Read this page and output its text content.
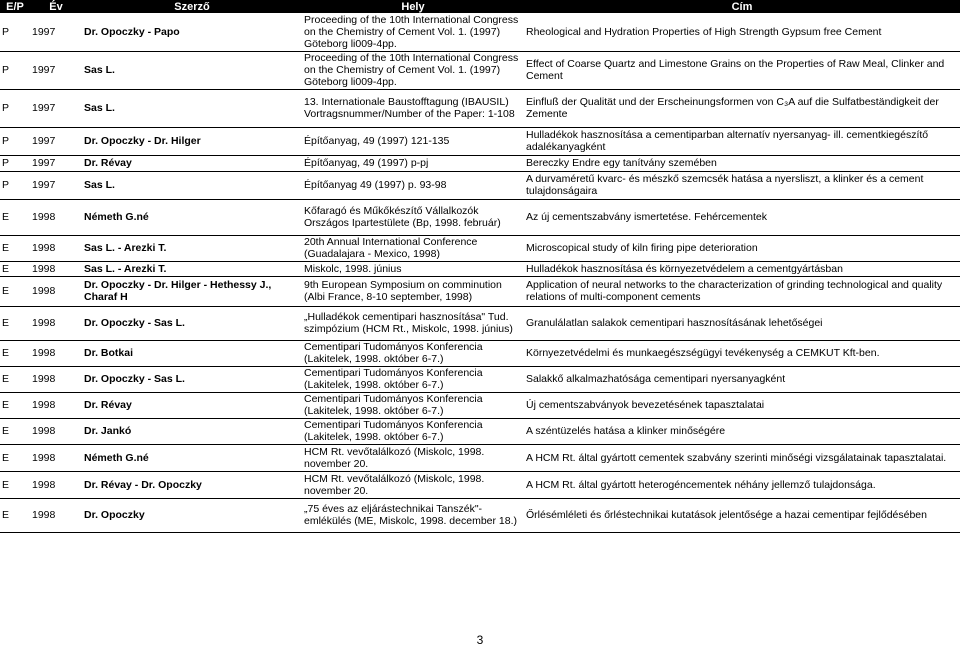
E/P	Év	Szerző	Hely	Cím
P	1997	Dr. Opoczky - Papo	Proceeding of the 10th International Congress on the Chemistry of Cement Vol. 1. (1997) Göteborg li009-4pp.	Rheological and Hydration Properties of High Strength Gypsum free Cement
P	1997	Sas L.	Proceeding of the 10th International Congress on the Chemistry of Cement Vol. 1. (1997) Göteborg li009-4pp.	Effect of Coarse Quartz and Limestone Grains on the Properties of Raw Meal, Clinker and Cement
P	1997	Sas L.	13. Internationale Baustofftagung (IBAUSIL) Vortragsnummer/Number of the Paper: 1-108	Einfluß der Qualität und der Erscheinungsformen von C₃A auf die Sulfatbeständigkeit der Zemente
P	1997	Dr. Opoczky - Dr. Hilger	Építőanyag, 49 (1997) 121-135	Hulladékok hasznosítása a cementiparban alternatív nyersanyag- ill. cementkiegészítő adalékanyagként
P	1997	Dr. Révay	Építőanyag, 49 (1997) p-pj	Bereczky Endre egy tanítvány szemében
P	1997	Sas L.	Építőanyag 49 (1997) p. 93-98	A durvaméretű kvarc- és mészkő szemcsék hatása a nyersliszt, a klinker és a cement tulajdonságaira
E	1998	Németh G.né	Kőfaragó és Műkőkészítő Vállalkozók Országos Ipartestülete (Bp, 1998. február)	Az új cementszabvány ismertetése. Fehércementek
E	1998	Sas L. - Arezki T.	20th Annual International Conference (Guadalajara - Mexico, 1998)	Microscopical study of kiln firing pipe deterioration
E	1998	Sas L. - Arezki T.	Miskolc, 1998. június	Hulladékok hasznosítása és környezetvédelem a cementgyártásban
E	1998	Dr. Opoczky - Dr. Hilger - Hethessy J., Charaf H	9th European Symposium on comminution (Albi France, 8-10 september, 1998)	Application of neural networks to the characterization of grinding technological and quality relations of multi-component cements
E	1998	Dr. Opoczky - Sas L.	„Hulladékok cementipari hasznosítása" Tud. szimpózium (HCM Rt., Miskolc, 1998. június)	Granulálatlan salakok cementipari hasznosításának lehetőségei
E	1998	Dr. Botkai	Cementipari Tudományos Konferencia (Lakitelek, 1998. október 6-7.)	Környezetvédelmi és munkaegészségügyi tevékenység a CEMKUT Kft-ben.
E	1998	Dr. Opoczky - Sas L.	Cementipari Tudományos Konferencia (Lakitelek, 1998. október 6-7.)	Salakkő alkalmazhatósága cementipari nyersanyagként
E	1998	Dr. Révay	Cementipari Tudományos Konferencia (Lakitelek, 1998. október 6-7.)	Új cementszabványok bevezetésének tapasztalatai
E	1998	Dr. Jankó	Cementipari Tudományos Konferencia (Lakitelek, 1998. október 6-7.)	A széntüzelés hatása a klinker minőségére
E	1998	Németh G.né	HCM Rt. vevőtalálkozó (Miskolc, 1998. november 20.	A HCM Rt. által gyártott cementek szabvány szerinti minőségi vizsgálatainak tapasztalatai.
E	1998	Dr. Révay - Dr. Opoczky	HCM Rt. vevőtalálkozó (Miskolc, 1998. november 20.	A HCM Rt. által gyártott heterogéncementek néhány jellemző tulajdonsága.
E	1998	Dr. Opoczky	„75 éves az eljárástechnikai Tanszék"- emlékülés (ME, Miskolc, 1998. december 18.)	Őrlésémléleti és őrléstechnikai kutatások jelentősége a hazai cementipar fejlődésében
3
